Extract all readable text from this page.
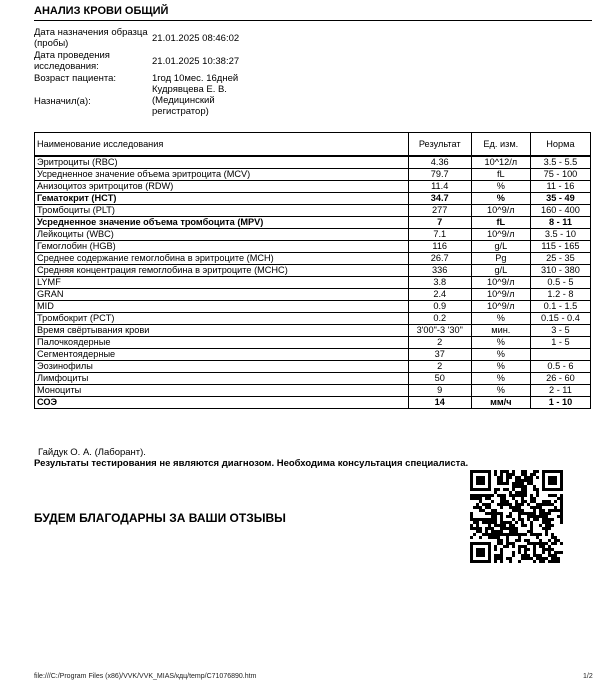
АНАЛИЗ КРОВИ ОБЩИЙ
Дата назначения образца (пробы)	21.01.2025 08:46:02
Дата проведения исследования:	21.01.2025 10:38:27
Возраст пациента:	1год 10мес. 16дней
Назначил(а):
Кудрявцева Е. В. (Медицинский регистратор)
Наименование исследования	Результат	Ед. изм.	Норма
Эритроциты (RBC)	4.36	10^12/л	3.5 - 5.5
Усредненное значение объема эритроцита (MCV)	79.7	fL	75 - 100
Анизоцитоз эритроцитов (RDW)	11.4	%	11 - 16
Гематокрит (HCT)	34.7	%	35 - 49
Тромбоциты (PLT)	277	10^9/л	160 - 400
Усредненное значение объема тромбоцита (MPV)	7	fL	8 - 11
Лейкоциты (WBC)	7.1	10^9/л	3.5 - 10
Гемоглобин (HGB)	116	g/L	115 - 165
Среднее содержание гемоглобина в эритроците (MCH)	26.7	Pg	25 - 35
Средняя концентрация гемоглобина в эритроците (MCHC)	336	g/L	310 - 380
LYMF	3.8	10^9/л	0.5 - 5
GRAN	2.4	10^9/л	1.2 - 8
MID	0.9	10^9/л	0.1 - 1.5
Тромбокрит (PCT)	0.2	%	0.15 - 0.4
Время свёртывания крови	3'00"-3 '30"	мин.	3 - 5
Палочкоядерные	2	%	1 - 5
Сегментоядерные	37	%	
Эозинофилы	2	%	0.5 - 6
Лимфоциты	50	%	26 - 60
Моноциты	9	%	2 - 11
СОЭ	14	мм/ч	1 - 10
Гайдук О. А. (Лаборант).
Результаты тестирования не являются диагнозом. Необходима консультация специалиста.
БУДЕМ БЛАГОДАРНЫ ЗА ВАШИ ОТЗЫВЫ
file:///C:/Program Files (x86)/VVK/VVK_MIAS/кдц/temp/C71076890.htm	1/2
